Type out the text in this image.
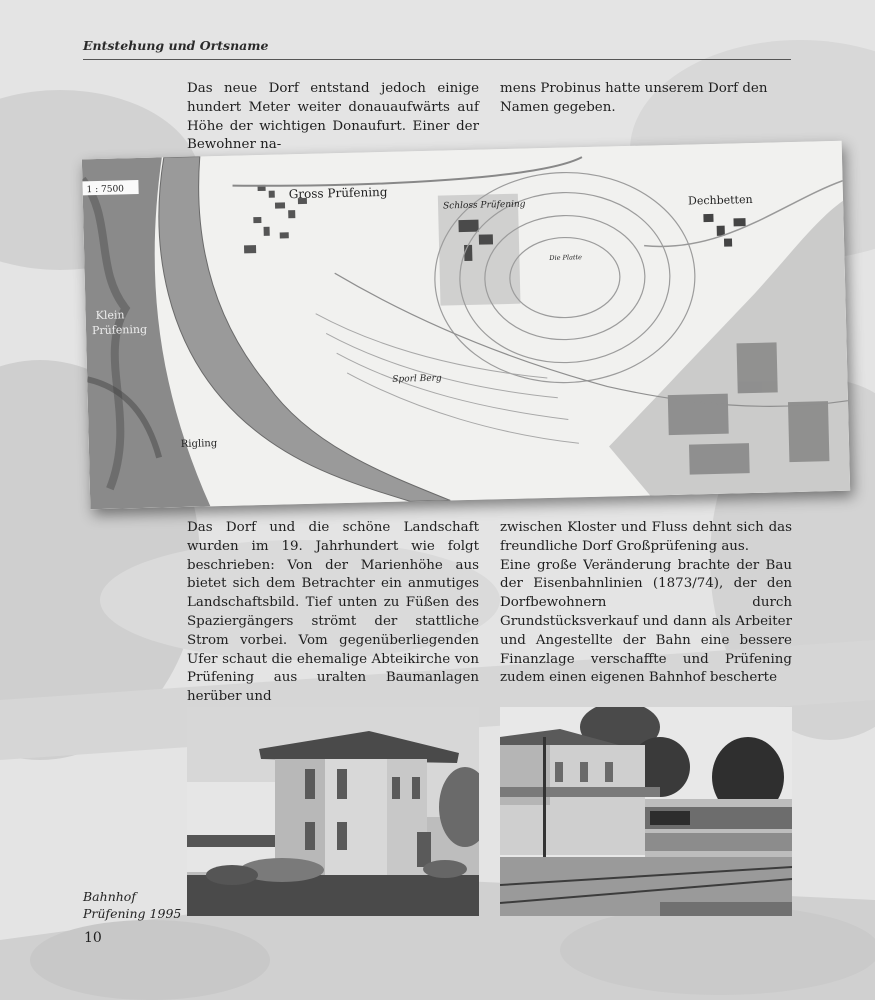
Entstehung und Ortsname

Das neue Dorf entstand jedoch einige hundert Meter weiter donauaufwärts auf Höhe der wichtigen Donaufurt. Einer der Bewohner na-

mens Probinus hatte unserem Dorf den Namen gegeben.

1 : 7500	Gross Prüfening
Schloss Prüfening	Dechbetten
Die Platte
Klein
Prüfening
Sporl Berg
Rigling

Das Dorf und die schöne Landschaft wurden im 19. Jahrhundert wie folgt beschrieben: Von der Marienhöhe aus bietet sich dem Betrachter ein anmutiges Landschaftsbild. Tief unten zu Füßen des Spaziergängers strömt der stattliche Strom vorbei. Vom gegenüberliegenden Ufer schaut die ehemalige Abteikirche von Prüfening aus uralten Baumanlagen herüber und

zwischen Kloster und Fluss dehnt sich das freundliche Dorf Großprüfening aus.

Eine große Veränderung brachte der Bau der Eisenbahnlinien (1873/74), der den Dorfbewohnern durch Grundstücksverkauf und dann als Arbeiter und Angestellte der Bahn eine bessere Finanzlage verschaffte und Prüfening zudem einen eigenen Bahnhof bescherte

Bahnhof
Prüfening 1995
10
